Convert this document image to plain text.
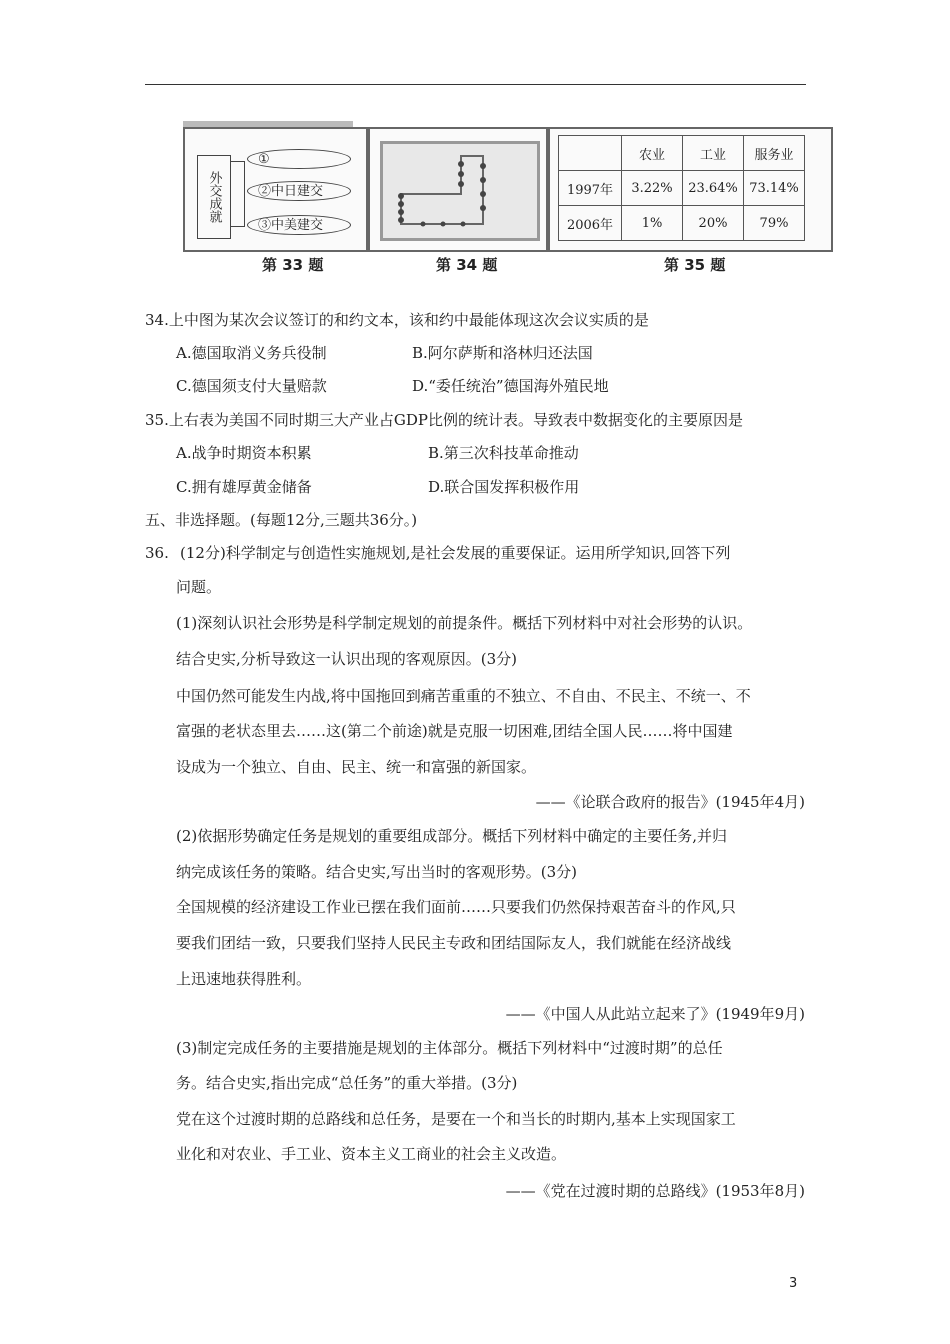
外交成就
①
②中日建交
③中美建交
	农业	工业	服务业
1997年	3.22%	23.64%	73.14%
2006年	1%	20%	79%
第 33 题	第 34 题	第 35 题
34.上中图为某次会议签订的和约文本，该和约中最能体现这次会议实质的是
A.德国取消义务兵役制	B.阿尔萨斯和洛林归还法国
C.德国须支付大量赔款	D.“委任统治”德国海外殖民地
35.上右表为美国不同时期三大产业占GDP比例的统计表。导致表中数据变化的主要原因是
A.战争时期资本积累	B.第三次科技革命推动
C.拥有雄厚黄金储备	D.联合国发挥积极作用
五、非选择题。(每题12分,三题共36分。)
36. (12分)科学制定与创造性实施规划,是社会发展的重要保证。运用所学知识,回答下列
问题。
(1)深刻认识社会形势是科学制定规划的前提条件。概括下列材料中对社会形势的认识。
结合史实,分析导致这一认识出现的客观原因。(3分)
中国仍然可能发生内战,将中国拖回到痛苦重重的不独立、不自由、不民主、不统一、不
富强的老状态里去……这(第二个前途)就是克服一切困难,团结全国人民……将中国建
设成为一个独立、自由、民主、统一和富强的新国家。
——《论联合政府的报告》(1945年4月)
(2)依据形势确定任务是规划的重要组成部分。概括下列材料中确定的主要任务,并归
纳完成该任务的策略。结合史实,写出当时的客观形势。(3分)
全国规模的经济建设工作业已摆在我们面前……只要我们仍然保持艰苦奋斗的作风,只
要我们团结一致，只要我们坚持人民民主专政和团结国际友人，我们就能在经济战线
上迅速地获得胜利。
——《中国人从此站立起来了》(1949年9月)
(3)制定完成任务的主要措施是规划的主体部分。概括下列材料中“过渡时期”的总任
务。结合史实,指出完成“总任务”的重大举措。(3分)
党在这个过渡时期的总路线和总任务，是要在一个和当长的时期内,基本上实现国家工
业化和对农业、手工业、资本主义工商业的社会主义改造。
——《党在过渡时期的总路线》(1953年8月)
3
